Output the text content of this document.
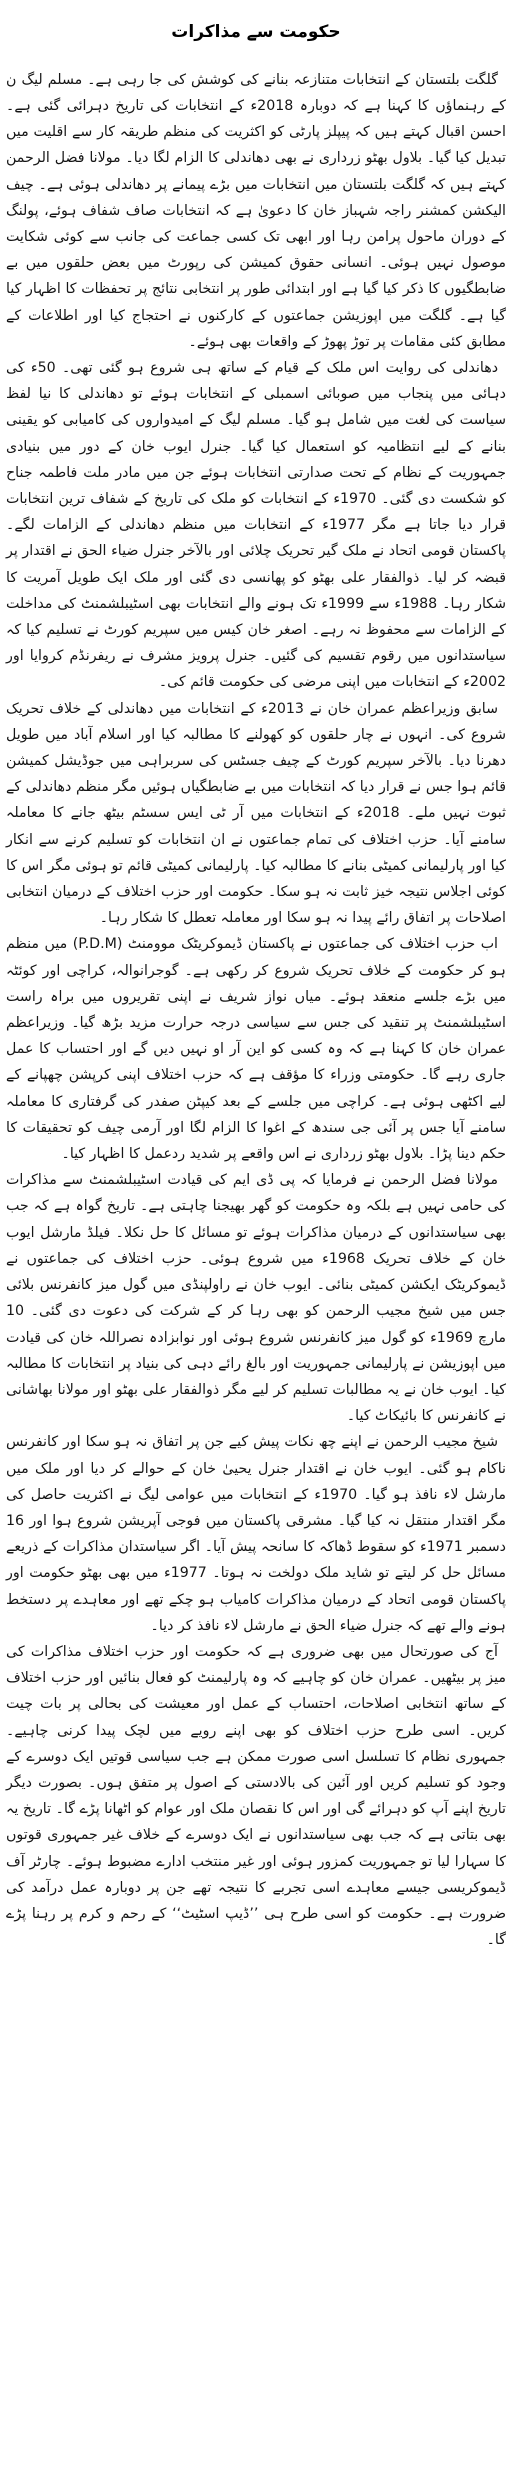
حکومت سے مذاکرات

گلگت بلتستان کے انتخابات متنازعہ بنانے کی کوشش کی جا رہی ہے۔ مسلم لیگ ن کے رہنماؤں کا کہنا ہے کہ دوبارہ 2018ء کے انتخابات کی تاریخ دہرائی گئی ہے۔ احسن اقبال کہتے ہیں کہ پیپلز پارٹی کو اکثریت کی منظم طریقہ کار سے اقلیت میں تبدیل کیا گیا۔ بلاول بھٹو زرداری نے بھی دھاندلی کا الزام لگا دیا۔ مولانا فضل الرحمن کہتے ہیں کہ گلگت بلتستان میں انتخابات میں بڑے پیمانے پر دھاندلی ہوئی ہے۔ چیف الیکشن کمشنر راجہ شہباز خان کا دعویٰ ہے کہ انتخابات صاف شفاف ہوئے، پولنگ کے دوران ماحول پرامن رہا اور ابھی تک کسی جماعت کی جانب سے کوئی شکایت موصول نہیں ہوئی۔ انسانی حقوق کمیشن کی رپورٹ میں بعض حلقوں میں بے ضابطگیوں کا ذکر کیا گیا ہے اور ابتدائی طور پر انتخابی نتائج پر تحفظات کا اظہار کیا گیا ہے۔ گلگت میں اپوزیشن جماعتوں کے کارکنوں نے احتجاج کیا اور اطلاعات کے مطابق کئی مقامات پر توڑ پھوڑ کے واقعات بھی ہوئے۔

دھاندلی کی روایت اس ملک کے قیام کے ساتھ ہی شروع ہو گئی تھی۔ 50ء کی دہائی میں پنجاب میں صوبائی اسمبلی کے انتخابات ہوئے تو دھاندلی کا نیا لفظ سیاست کی لغت میں شامل ہو گیا۔ مسلم لیگ کے امیدواروں کی کامیابی کو یقینی بنانے کے لیے انتظامیہ کو استعمال کیا گیا۔ جنرل ایوب خان کے دور میں بنیادی جمہوریت کے نظام کے تحت صدارتی انتخابات ہوئے جن میں مادر ملت فاطمہ جناح کو شکست دی گئی۔ 1970ء کے انتخابات کو ملک کی تاریخ کے شفاف ترین انتخابات قرار دیا جاتا ہے مگر 1977ء کے انتخابات میں منظم دھاندلی کے الزامات لگے۔ پاکستان قومی اتحاد نے ملک گیر تحریک چلائی اور بالآخر جنرل ضیاء الحق نے اقتدار پر قبضہ کر لیا۔ ذوالفقار علی بھٹو کو پھانسی دی گئی اور ملک ایک طویل آمریت کا شکار رہا۔ 1988ء سے 1999ء تک ہونے والے انتخابات بھی اسٹیبلشمنٹ کی مداخلت کے الزامات سے محفوظ نہ رہے۔ اصغر خان کیس میں سپریم کورٹ نے تسلیم کیا کہ سیاستدانوں میں رقوم تقسیم کی گئیں۔ جنرل پرویز مشرف نے ریفرنڈم کروایا اور 2002ء کے انتخابات میں اپنی مرضی کی حکومت قائم کی۔

سابق وزیراعظم عمران خان نے 2013ء کے انتخابات میں دھاندلی کے خلاف تحریک شروع کی۔ انہوں نے چار حلقوں کو کھولنے کا مطالبہ کیا اور اسلام آباد میں طویل دھرنا دیا۔ بالآخر سپریم کورٹ کے چیف جسٹس کی سربراہی میں جوڈیشل کمیشن قائم ہوا جس نے قرار دیا کہ انتخابات میں بے ضابطگیاں ہوئیں مگر منظم دھاندلی کے ثبوت نہیں ملے۔ 2018ء کے انتخابات میں آر ٹی ایس سسٹم بیٹھ جانے کا معاملہ سامنے آیا۔ حزب اختلاف کی تمام جماعتوں نے ان انتخابات کو تسلیم کرنے سے انکار کیا اور پارلیمانی کمیٹی بنانے کا مطالبہ کیا۔ پارلیمانی کمیٹی قائم تو ہوئی مگر اس کا کوئی اجلاس نتیجہ خیز ثابت نہ ہو سکا۔ حکومت اور حزب اختلاف کے درمیان انتخابی اصلاحات پر اتفاق رائے پیدا نہ ہو سکا اور معاملہ تعطل کا شکار رہا۔

اب حزب اختلاف کی جماعتوں نے پاکستان ڈیموکریٹک موومنٹ (P.D.M) میں منظم ہو کر حکومت کے خلاف تحریک شروع کر رکھی ہے۔ گوجرانوالہ، کراچی اور کوئٹہ میں بڑے جلسے منعقد ہوئے۔ میاں نواز شریف نے اپنی تقریروں میں براہ راست اسٹیبلشمنٹ پر تنقید کی جس سے سیاسی درجہ حرارت مزید بڑھ گیا۔ وزیراعظم عمران خان کا کہنا ہے کہ وہ کسی کو این آر او نہیں دیں گے اور احتساب کا عمل جاری رہے گا۔ حکومتی وزراء کا مؤقف ہے کہ حزب اختلاف اپنی کرپشن چھپانے کے لیے اکٹھی ہوئی ہے۔ کراچی میں جلسے کے بعد کیپٹن صفدر کی گرفتاری کا معاملہ سامنے آیا جس پر آئی جی سندھ کے اغوا کا الزام لگا اور آرمی چیف کو تحقیقات کا حکم دینا پڑا۔ بلاول بھٹو زرداری نے اس واقعے پر شدید ردعمل کا اظہار کیا۔

مولانا فضل الرحمن نے فرمایا کہ پی ڈی ایم کی قیادت اسٹیبلشمنٹ سے مذاکرات کی حامی نہیں ہے بلکہ وہ حکومت کو گھر بھیجنا چاہتی ہے۔ تاریخ گواہ ہے کہ جب بھی سیاستدانوں کے درمیان مذاکرات ہوئے تو مسائل کا حل نکلا۔ فیلڈ مارشل ایوب خان کے خلاف تحریک 1968ء میں شروع ہوئی۔ حزب اختلاف کی جماعتوں نے ڈیموکریٹک ایکشن کمیٹی بنائی۔ ایوب خان نے راولپنڈی میں گول میز کانفرنس بلائی جس میں شیخ مجیب الرحمن کو بھی رہا کر کے شرکت کی دعوت دی گئی۔ 10 مارچ 1969ء کو گول میز کانفرنس شروع ہوئی اور نوابزادہ نصراللہ خان کی قیادت میں اپوزیشن نے پارلیمانی جمہوریت اور بالغ رائے دہی کی بنیاد پر انتخابات کا مطالبہ کیا۔ ایوب خان نے یہ مطالبات تسلیم کر لیے مگر ذوالفقار علی بھٹو اور مولانا بھاشانی نے کانفرنس کا بائیکاٹ کیا۔

شیخ مجیب الرحمن نے اپنے چھ نکات پیش کیے جن پر اتفاق نہ ہو سکا اور کانفرنس ناکام ہو گئی۔ ایوب خان نے اقتدار جنرل یحییٰ خان کے حوالے کر دیا اور ملک میں مارشل لاء نافذ ہو گیا۔ 1970ء کے انتخابات میں عوامی لیگ نے اکثریت حاصل کی مگر اقتدار منتقل نہ کیا گیا۔ مشرقی پاکستان میں فوجی آپریشن شروع ہوا اور 16 دسمبر 1971ء کو سقوط ڈھاکہ کا سانحہ پیش آیا۔ اگر سیاستدان مذاکرات کے ذریعے مسائل حل کر لیتے تو شاید ملک دولخت نہ ہوتا۔ 1977ء میں بھی بھٹو حکومت اور پاکستان قومی اتحاد کے درمیان مذاکرات کامیاب ہو چکے تھے اور معاہدے پر دستخط ہونے والے تھے کہ جنرل ضیاء الحق نے مارشل لاء نافذ کر دیا۔

آج کی صورتحال میں بھی ضروری ہے کہ حکومت اور حزب اختلاف مذاکرات کی میز پر بیٹھیں۔ عمران خان کو چاہیے کہ وہ پارلیمنٹ کو فعال بنائیں اور حزب اختلاف کے ساتھ انتخابی اصلاحات، احتساب کے عمل اور معیشت کی بحالی پر بات چیت کریں۔ اسی طرح حزب اختلاف کو بھی اپنے رویے میں لچک پیدا کرنی چاہیے۔ جمہوری نظام کا تسلسل اسی صورت ممکن ہے جب سیاسی قوتیں ایک دوسرے کے وجود کو تسلیم کریں اور آئین کی بالادستی کے اصول پر متفق ہوں۔ بصورت دیگر تاریخ اپنے آپ کو دہرائے گی اور اس کا نقصان ملک اور عوام کو اٹھانا پڑے گا۔ تاریخ یہ بھی بتاتی ہے کہ جب بھی سیاستدانوں نے ایک دوسرے کے خلاف غیر جمہوری قوتوں کا سہارا لیا تو جمہوریت کمزور ہوئی اور غیر منتخب ادارے مضبوط ہوئے۔ چارٹر آف ڈیموکریسی جیسے معاہدے اسی تجربے کا نتیجہ تھے جن پر دوبارہ عمل درآمد کی ضرورت ہے۔ حکومت کو اسی طرح ہی ’’ڈیپ اسٹیٹ‘‘ کے رحم و کرم پر رہنا پڑے گا۔
